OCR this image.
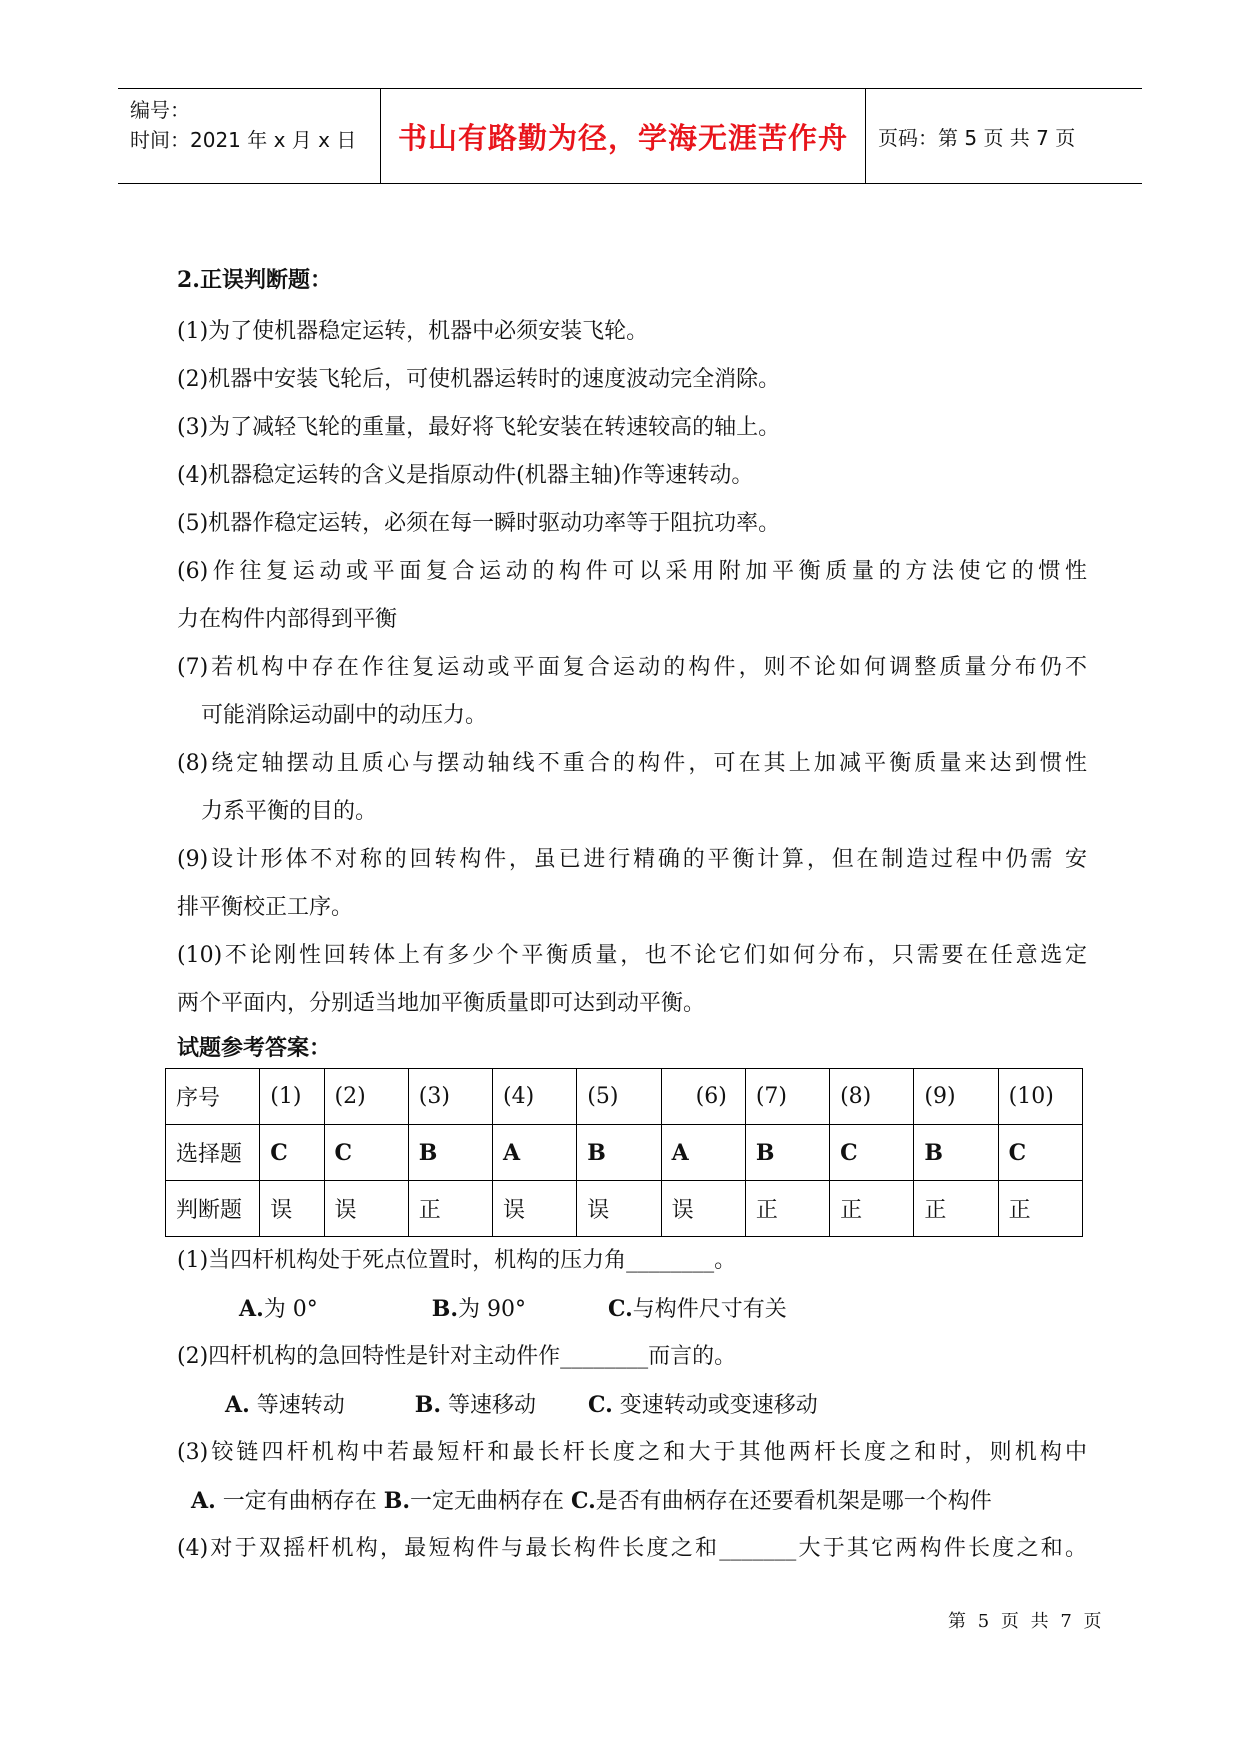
编号：
时间：2021 年 x 月 x 日	书山有路勤为径，学海无涯苦作舟 页码：第 5 页 共 7 页
2.正误判断题：
(1)为了使机器稳定运转，机器中必须安装飞轮。
(2)机器中安装飞轮后，可使机器运转时的速度波动完全消除。
(3)为了减轻飞轮的重量，最好将飞轮安装在转速较高的轴上。
(4)机器稳定运转的含义是指原动件(机器主轴)作等速转动。
(5)机器作稳定运转，必须在每一瞬时驱动功率等于阻抗功率。
(6)作往复运动或平面复合运动的构件可以采用附加平衡质量的方法使它的惯性
力在构件内部得到平衡
(7)若机构中存在作往复运动或平面复合运动的构件，则不论如何调整质量分布仍不
可能消除运动副中的动压力。
(8)绕定轴摆动且质心与摆动轴线不重合的构件，可在其上加减平衡质量来达到惯性
力系平衡的目的。
(9)设计形体不对称的回转构件，虽已进行精确的平衡计算，但在制造过程中仍需 安
排平衡校正工序。
(10)不论刚性回转体上有多少个平衡质量，也不论它们如何分布，只需要在任意选定
两个平面内，分别适当地加平衡质量即可达到动平衡。
试题参考答案：
序号	(1)	(2)	(3)	(4)	(5)	(6)	(7)	(8)	(9)	(10)
选择题	C	C	B	A	B	A	B	C	B	C
判断题	误	误	正	误	误	误	正	正	正	正
(1)当四杆机构处于死点位置时，机构的压力角________。
A.为 0°	B.为 90°	C.与构件尺寸有关
(2)四杆机构的急回特性是针对主动件作________而言的。
A. 等速转动	B. 等速移动 C. 变速转动或变速移动
(3)铰链四杆机构中若最短杆和最长杆长度之和大于其他两杆长度之和时，则机构中
A. 一定有曲柄存在 B.一定无曲柄存在 C.是否有曲柄存在还要看机架是哪一个构件
(4)对于双摇杆机构，最短构件与最长构件长度之和_______大于其它两构件长度之和。
第 5 页 共 7 页
